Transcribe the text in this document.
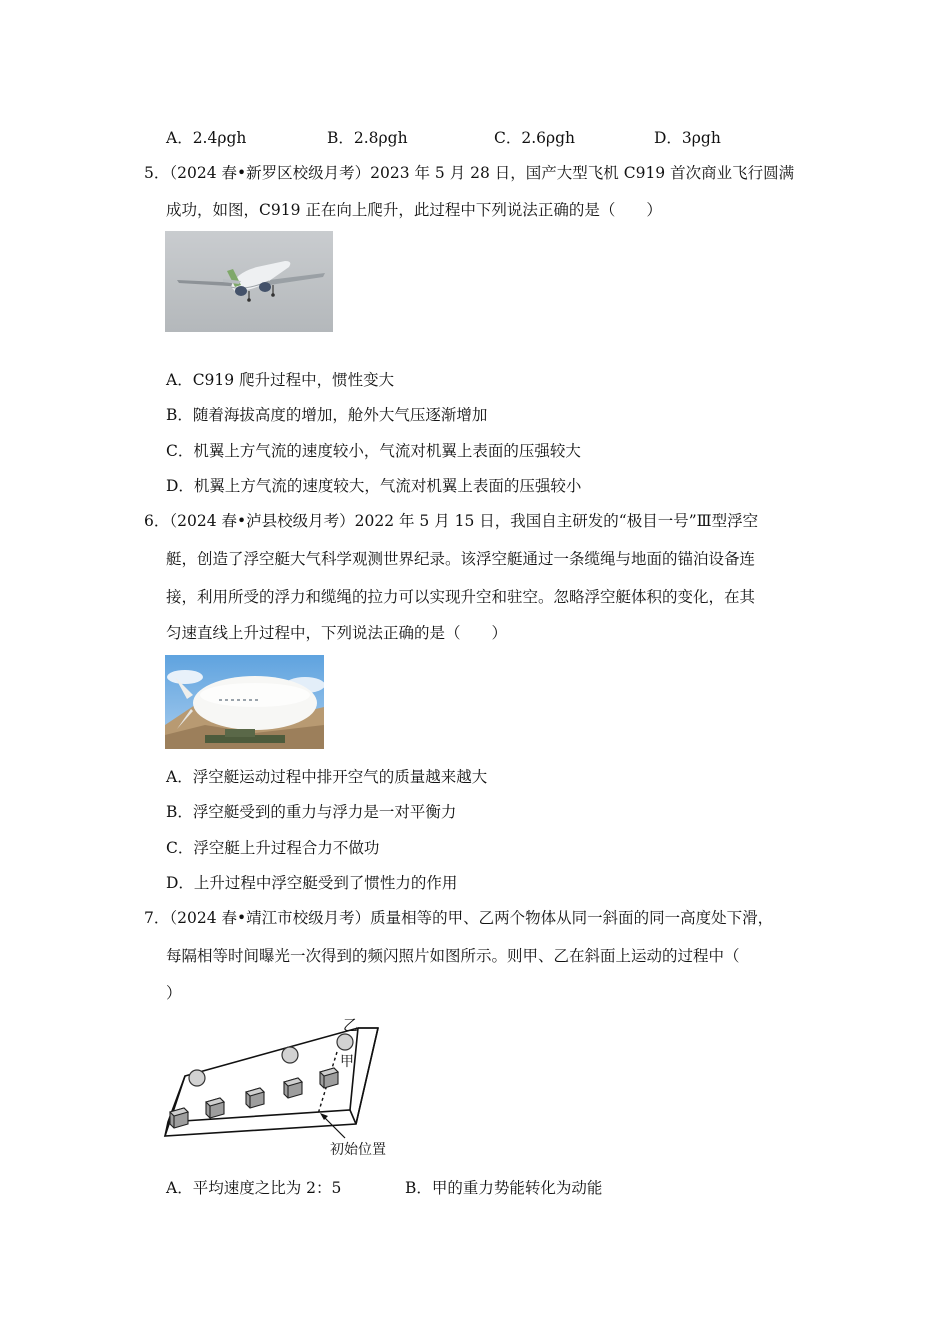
A．2.4ρgh	B．2.8ρgh	C．2.6ρgh	D．3ρgh
5．（2024 春•新罗区校级月考）2023 年 5 月 28 日，国产大型飞机 C919 首次商业飞行圆满
成功，如图，C919 正在向上爬升，此过程中下列说法正确的是（　　）
A．C919 爬升过程中，惯性变大
B．随着海拔高度的增加，舱外大气压逐渐增加
C．机翼上方气流的速度较小，气流对机翼上表面的压强较大
D．机翼上方气流的速度较大，气流对机翼上表面的压强较小
6．（2024 春•泸县校级月考）2022 年 5 月 15 日，我国自主研发的“极目一号”Ⅲ型浮空
艇，创造了浮空艇大气科学观测世界纪录。该浮空艇通过一条缆绳与地面的锚泊设备连
接，利用所受的浮力和缆绳的拉力可以实现升空和驻空。忽略浮空艇体积的变化，在其
匀速直线上升过程中，下列说法正确的是（　　）
A．浮空艇运动过程中排开空气的质量越来越大
B．浮空艇受到的重力与浮力是一对平衡力
C．浮空艇上升过程合力不做功
D．上升过程中浮空艇受到了惯性力的作用
7．（2024 春•靖江市校级月考）质量相等的甲、乙两个物体从同一斜面的同一高度处下滑，
每隔相等时间曝光一次得到的频闪照片如图所示。则甲、乙在斜面上运动的过程中（
）
乙
甲
初始位置
A．平均速度之比为 2：5	B．甲的重力势能转化为动能
